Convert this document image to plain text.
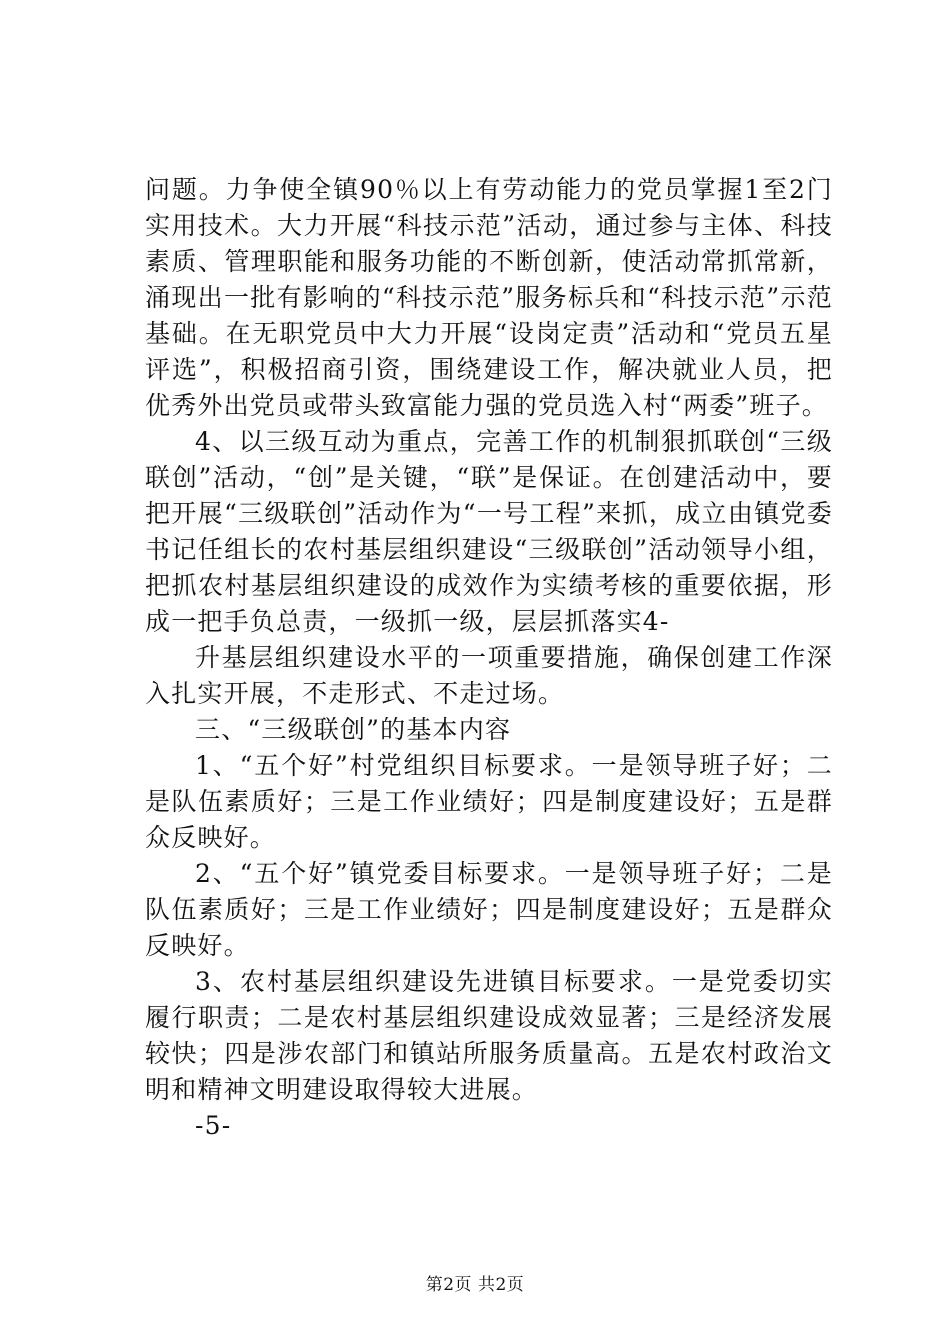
问题。力争使全镇90％以上有劳动能力的党员掌握1至2门实用技术。大力开展“科技示范”活动，通过参与主体、科技素质、管理职能和服务功能的不断创新，使活动常抓常新，涌现出一批有影响的“科技示范”服务标兵和“科技示范”示范基础。在无职党员中大力开展“设岗定责”活动和“党员五星评选”，积极招商引资，围绕建设工作，解决就业人员，把优秀外出党员或带头致富能力强的党员选入村“两委”班子。

4、以三级互动为重点，完善工作的机制狠抓联创“三级联创”活动，“创”是关键，“联”是保证。在创建活动中，要把开展“三级联创”活动作为“一号工程”来抓，成立由镇党委书记任组长的农村基层组织建设“三级联创”活动领导小组，把抓农村基层组织建设的成效作为实绩考核的重要依据，形成一把手负总责，一级抓一级，层层抓落实4-

升基层组织建设水平的一项重要措施，确保创建工作深入扎实开展，不走形式、不走过场。

三、“三级联创”的基本内容

1、“五个好”村党组织目标要求。一是领导班子好；二是队伍素质好；三是工作业绩好；四是制度建设好；五是群众反映好。

2、“五个好”镇党委目标要求。一是领导班子好；二是队伍素质好；三是工作业绩好；四是制度建设好；五是群众反映好。

3、农村基层组织建设先进镇目标要求。一是党委切实履行职责；二是农村基层组织建设成效显著；三是经济发展较快；四是涉农部门和镇站所服务质量高。五是农村政治文明和精神文明建设取得较大进展。

-5-

第2页 共2页
